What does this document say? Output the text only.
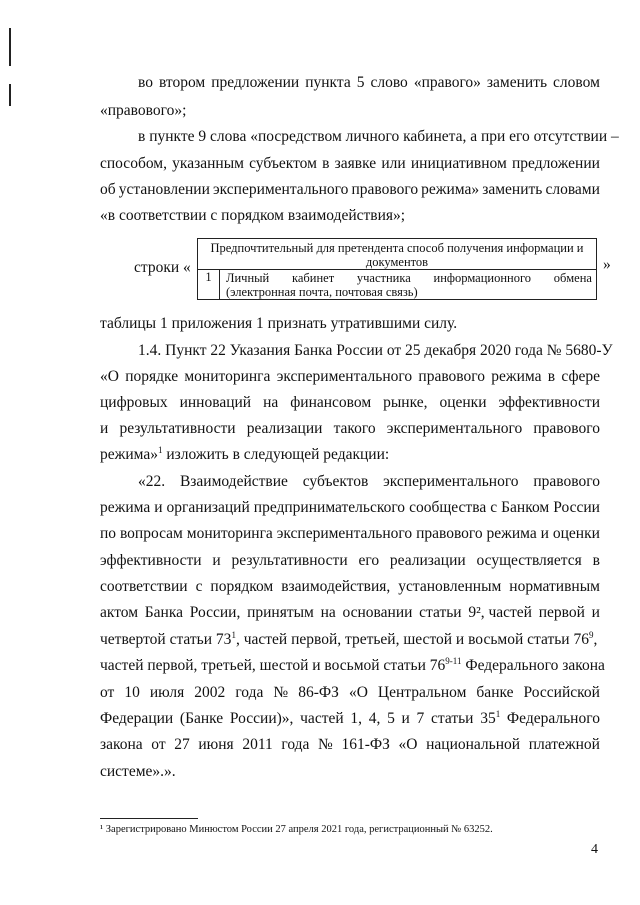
во втором предложении пункта 5 слово «правого» заменить словом
«правового»;
в пункте 9 слова «посредством личного кабинета, а при его отсутствии –
способом, указанным субъектом в заявке или инициативном предложении
об установлении экспериментального правового режима» заменить словами
«в соответствии с порядком взаимодействия»;
строки «
Предпочтительный для претендента способ получения информации и документов
1	Личный кабинет участника информационного обмена
(электронная почта, почтовая связь)
»
таблицы 1 приложения 1 признать утратившими силу.
1.4. Пункт 22 Указания Банка России от 25 декабря 2020 года № 5680-У
«О порядке мониторинга экспериментального правового режима в сфере
цифровых инноваций на финансовом рынке, оценки эффективности
и результативности реализации такого экспериментального правового
режима»$^1$ изложить в следующей редакции:
«22. Взаимодействие субъектов экспериментального правового
режима и организаций предпринимательского сообщества с Банком России
по вопросам мониторинга экспериментального правового режима и оценки
эффективности и результативности его реализации осуществляется в
соответствии с порядком взаимодействия, установленным нормативным
актом Банка России, принятым на основании статьи 9², частей первой и
четвертой статьи $73^1$, частей первой, третьей, шестой и восьмой статьи $76^9$,
частей первой, третьей, шестой и восьмой статьи 76$^{9-11}$ Федерального закона
от 10 июля 2002 года № 86-ФЗ «О Центральном банке Российской
Федерации (Банке России)», частей 1, 4, 5 и 7 статьи $35^1$ Федерального
закона от 27 июня 2011 года № 161-ФЗ «О национальной платежной
системе».».
¹ Зарегистрировано Минюстом России 27 апреля 2021 года, регистрационный № 63252.
4
